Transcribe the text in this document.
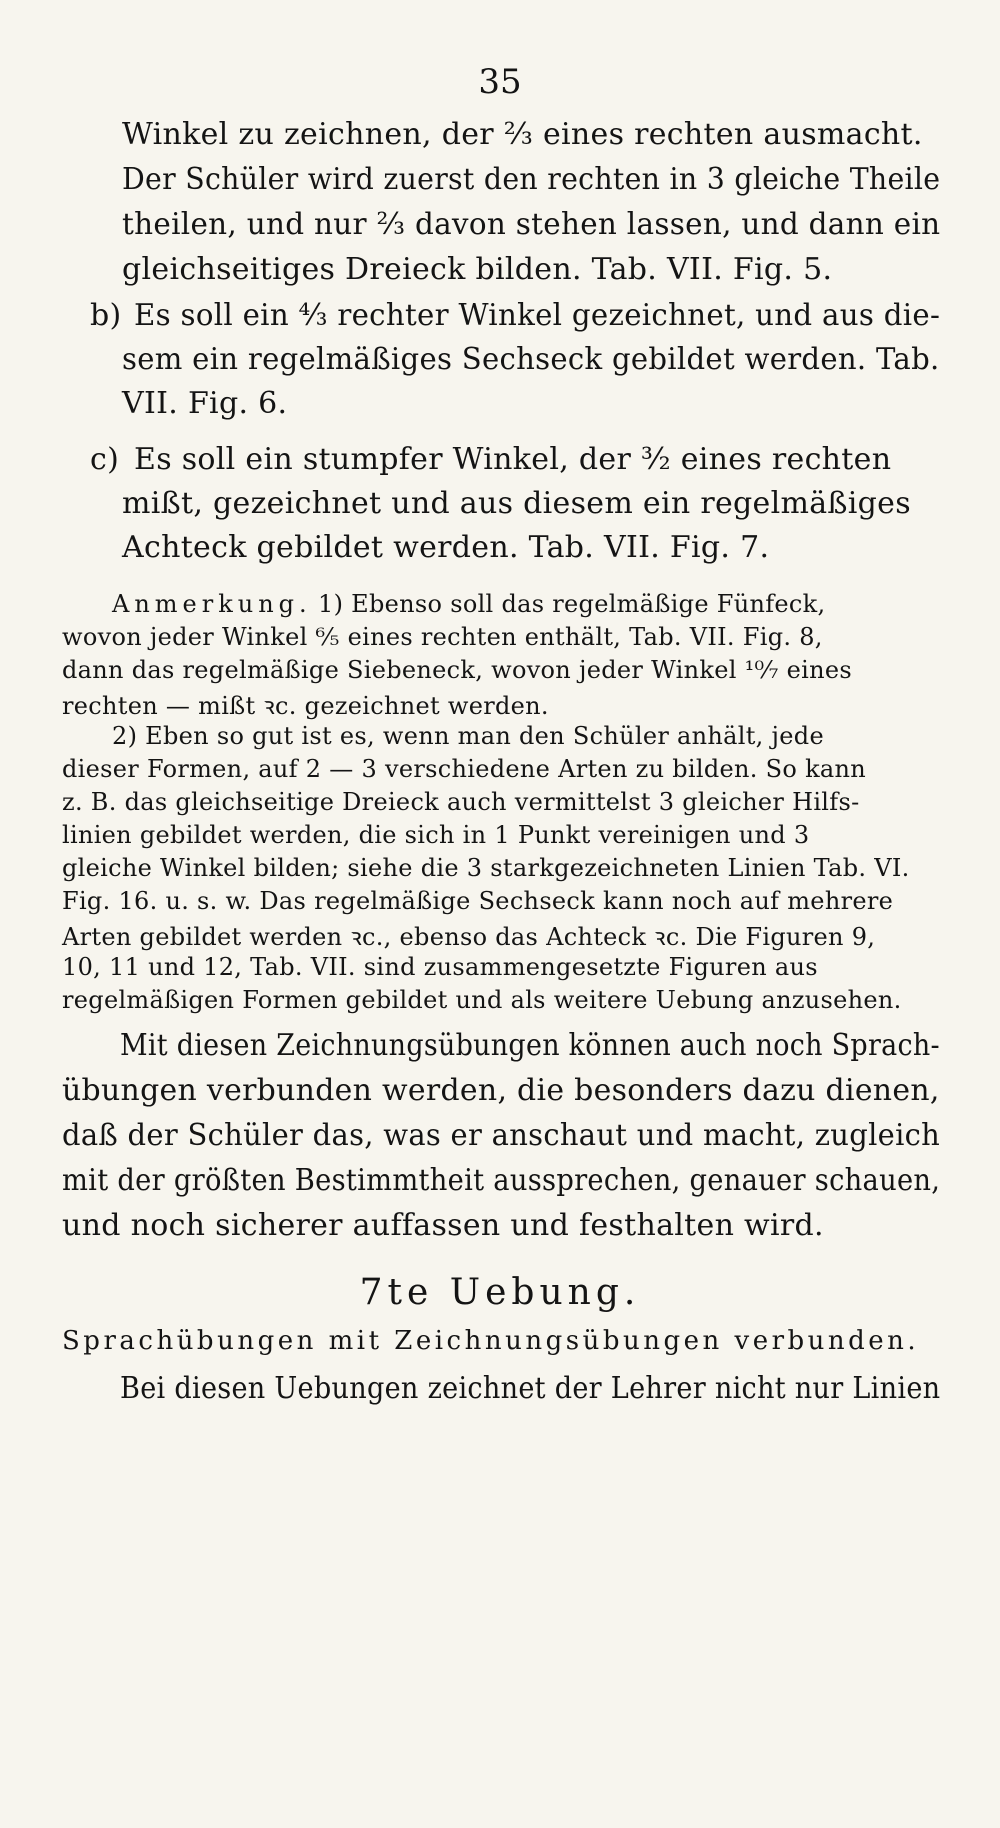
35
Winkel zu zeichnen, der ⅔ eines rechten ausmacht.
Der Schüler wird zuerst den rechten in 3 gleiche Theile
theilen, und nur ⅔ davon stehen lassen, und dann ein
gleichseitiges Dreieck bilden. Tab. VII. Fig. 5.
b) Es soll ein ⁴⁄₃ rechter Winkel gezeichnet, und aus die-
sem ein regelmäßiges Sechseck gebildet werden. Tab.
VII. Fig. 6.
c) Es soll ein stumpfer Winkel, der ³⁄₂ eines rechten
mißt, gezeichnet und aus diesem ein regelmäßiges
Achteck gebildet werden. Tab. VII. Fig. 7.
Anmerkung. 1) Ebenso soll das regelmäßige Fünfeck,
wovon jeder Winkel ⁶⁄₅ eines rechten enthält, Tab. VII. Fig. 8,
dann das regelmäßige Siebeneck, wovon jeder Winkel ¹⁰⁄₇ eines
rechten — mißt ꝛc. gezeichnet werden.
2) Eben so gut ist es, wenn man den Schüler anhält, jede
dieser Formen, auf 2 — 3 verschiedene Arten zu bilden. So kann
z. B. das gleichseitige Dreieck auch vermittelst 3 gleicher Hilfs-
linien gebildet werden, die sich in 1 Punkt vereinigen und 3
gleiche Winkel bilden; siehe die 3 starkgezeichneten Linien Tab. VI.
Fig. 16. u. s. w. Das regelmäßige Sechseck kann noch auf mehrere
Arten gebildet werden ꝛc., ebenso das Achteck ꝛc. Die Figuren 9,
10, 11 und 12, Tab. VII. sind zusammengesetzte Figuren aus
regelmäßigen Formen gebildet und als weitere Uebung anzusehen.
Mit diesen Zeichnungsübungen können auch noch Sprach-
übungen verbunden werden, die besonders dazu dienen,
daß der Schüler das, was er anschaut und macht, zugleich
mit der größten Bestimmtheit aussprechen, genauer schauen,
und noch sicherer auffassen und festhalten wird.
7te Uebung.
Sprachübungen mit Zeichnungsübungen verbunden.
Bei diesen Uebungen zeichnet der Lehrer nicht nur Linien
